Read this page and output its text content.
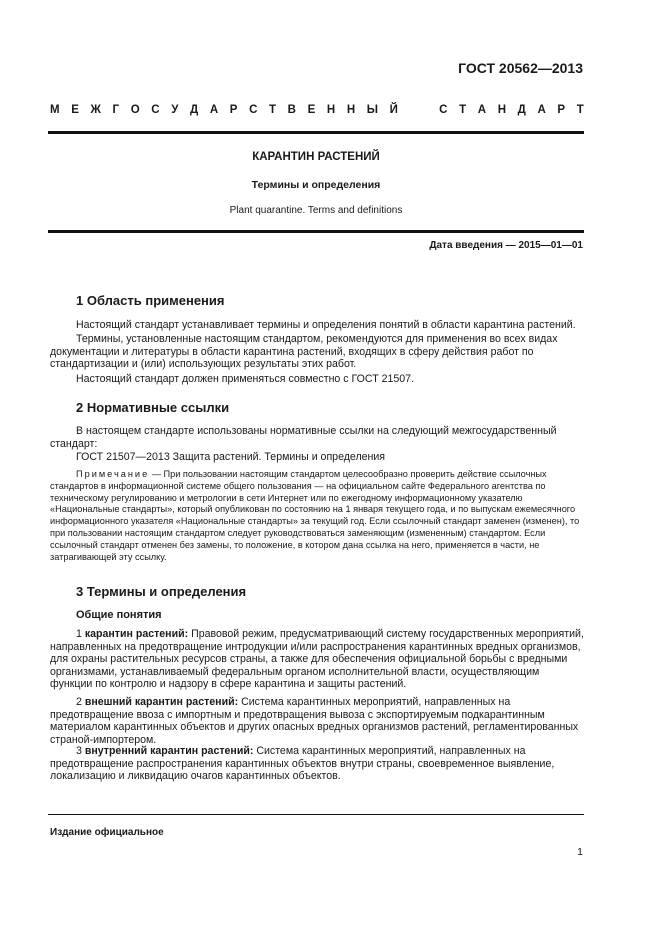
ГОСТ 20562—2013
М Е Ж Г О С У Д А Р С Т В Е Н Н Ы Й	С Т А Н Д А Р Т
КАРАНТИН РАСТЕНИЙ
Термины и определения
Plant quarantine. Terms and definitions
Дата введения — 2015—01—01
1 Область применения
Настоящий стандарт устанавливает термины и определения понятий в области карантина растений.
Термины, установленные настоящим стандартом, рекомендуются для применения во всех видах документации и литературы в области карантина растений, входящих в сферу действия работ по стандартизации и (или) использующих результаты этих работ.
Настоящий стандарт должен применяться совместно с ГОСТ 21507.
2 Нормативные ссылки
В настоящем стандарте использованы нормативные ссылки на следующий межгосударственный стандарт:
ГОСТ 21507—2013 Защита растений. Термины и определения
Примечание — При пользовании настоящим стандартом целесообразно проверить действие ссылочных стандартов в информационной системе общего пользования — на официальном сайте Федерального агентства по техническому регулированию и метрологии в сети Интернет или по ежегодному информационному указателю «Национальные стандарты», который опубликован по состоянию на 1 января текущего года, и по выпускам ежемесячного информационного указателя «Национальные стандарты» за текущий год. Если ссылочный стандарт заменен (изменен), то при пользовании настоящим стандартом следует руководствоваться заменяющим (измененным) стандартом. Если ссылочный стандарт отменен без замены, то положение, в котором дана ссылка на него, применяется в части, не затрагивающей эту ссылку.
3 Термины и определения
Общие понятия
1 карантин растений: Правовой режим, предусматривающий систему государственных мероприятий, направленных на предотвращение интродукции и/или распространения карантинных вредных организмов, для охраны растительных ресурсов страны, а также для обеспечения официальной борьбы с вредными организмами, устанавливаемый федеральным органом исполнительной власти, осуществляющим функции по контролю и надзору в сфере карантина и защиты растений.
2 внешний карантин растений: Система карантинных мероприятий, направленных на предотвращение ввоза с импортным и предотвращения вывоза с экспортируемым подкарантинным материалом карантинных объектов и других опасных вредных организмов растений, регламентированных страной-импортером.
3 внутренний карантин растений: Система карантинных мероприятий, направленных на предотвращение распространения карантинных объектов внутри страны, своевременное выявление, локализацию и ликвидацию очагов карантинных объектов.
Издание официальное
1
